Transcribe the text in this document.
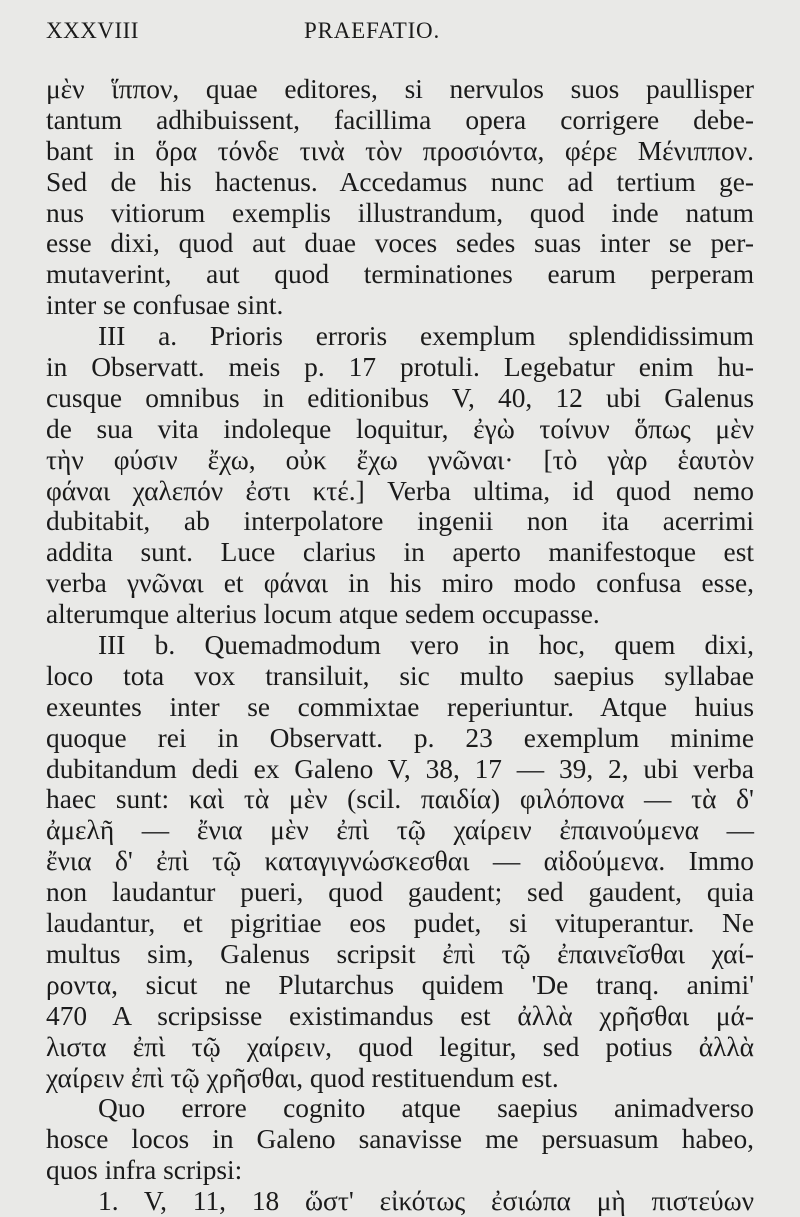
XXXVIII	PRAEFATIO.
μὲν ἵππον, quae editores, si nervulos suos paullisper
tantum adhibuissent, facillima opera corrigere debe-
bant in ὅρα τόνδε τινὰ τὸν προσιόντα, φέρε Μένιππον.
Sed de his hactenus. Accedamus nunc ad tertium ge-
nus vitiorum exemplis illustrandum, quod inde natum
esse dixi, quod aut duae voces sedes suas inter se per-
mutaverint, aut quod terminationes earum perperam
inter se confusae sint.
III a. Prioris erroris exemplum splendidissimum
in Observatt. meis p. 17 protuli. Legebatur enim hu-
cusque omnibus in editionibus V, 40, 12 ubi Galenus
de sua vita indoleque loquitur, ἐγὼ τοίνυν ὅπως μὲν
τὴν φύσιν ἔχω, οὐκ ἔχω γνῶναι· [τὸ γὰρ ἑαυτὸν
φάναι χαλεπόν ἐστι κτέ.] Verba ultima, id quod nemo
dubitabit, ab interpolatore ingenii non ita acerrimi
addita sunt. Luce clarius in aperto manifestoque est
verba γνῶναι et φάναι in his miro modo confusa esse,
alterumque alterius locum atque sedem occupasse.
III b. Quemadmodum vero in hoc, quem dixi,
loco tota vox transiluit, sic multo saepius syllabae
exeuntes inter se commixtae reperiuntur. Atque huius
quoque rei in Observatt. p. 23 exemplum minime
dubitandum dedi ex Galeno V, 38, 17 — 39, 2, ubi verba
haec sunt: καὶ τὰ μὲν (scil. παιδία) φιλόπονα — τὰ δ'
ἀμελῆ — ἔνια μὲν ἐπὶ τῷ χαίρειν ἐπαινούμενα —
ἔνια δ' ἐπὶ τῷ καταγιγνώσκεσθαι — αἰδούμενα. Immo
non laudantur pueri, quod gaudent; sed gaudent, quia
laudantur, et pigritiae eos pudet, si vituperantur. Ne
multus sim, Galenus scripsit ἐπὶ τῷ ἐπαινεῖσθαι χαί-
ροντα, sicut ne Plutarchus quidem 'De tranq. animi'
470 A scripsisse existimandus est ἀλλὰ χρῆσθαι μά-
λιστα ἐπὶ τῷ χαίρειν, quod legitur, sed potius ἀλλὰ
χαίρειν ἐπὶ τῷ χρῆσθαι, quod restituendum est.
Quo errore cognito atque saepius animadverso
hosce locos in Galeno sanavisse me persuasum habeo,
quos infra scripsi:
1. V, 11, 18 ὥστ' εἰκότως ἐσιώπα μὴ πιστεύων
